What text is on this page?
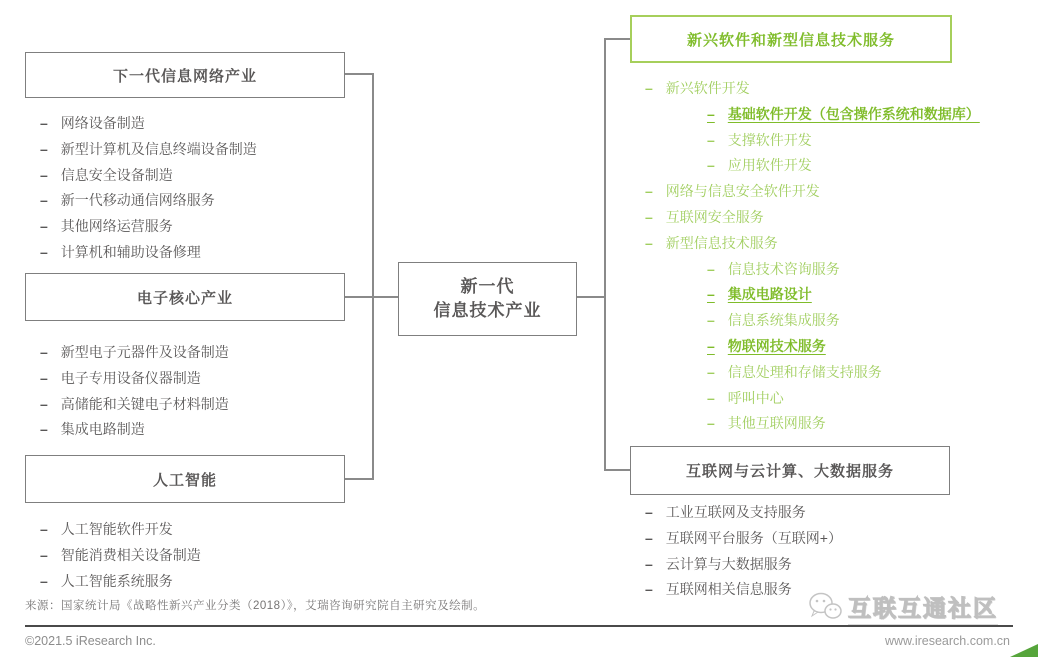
下一代信息网络产业
– 网络设备制造
– 新型计算机及信息终端设备制造
– 信息安全设备制造
– 新一代移动通信网络服务
– 其他网络运营服务
– 计算机和辅助设备修理
电子核心产业
– 新型电子元器件及设备制造
– 电子专用设备仪器制造
– 高储能和关键电子材料制造
– 集成电路制造
人工智能
– 人工智能软件开发
– 智能消费相关设备制造
– 人工智能系统服务
新一代
信息技术产业
新兴软件和新型信息技术服务
– 新兴软件开发
– 基础软件开发（包含操作系统和数据库）
– 支撑软件开发
– 应用软件开发
– 网络与信息安全软件开发
– 互联网安全服务
– 新型信息技术服务
– 信息技术咨询服务
– 集成电路设计
– 信息系统集成服务
– 物联网技术服务
– 信息处理和存储支持服务
– 呼叫中心
– 其他互联网服务
互联网与云计算、大数据服务
– 工业互联网及支持服务
– 互联网平台服务（互联网+）
– 云计算与大数据服务
– 互联网相关信息服务
互联互通社区
来源：国家统计局《战略性新兴产业分类（2018）》，艾瑞咨询研究院自主研究及绘制。
©2021.5 iResearch Inc.	www.iresearch.com.cn
